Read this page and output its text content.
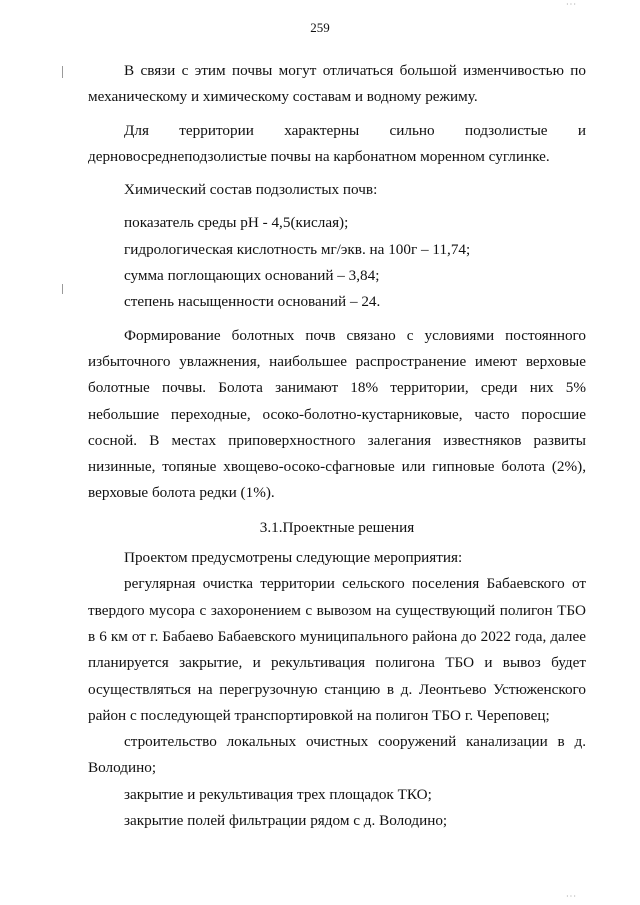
259
···
···

В связи с этим почвы могут отличаться большой изменчивостью по механическому и химическому составам и водному режиму.

Для территории характерны сильно подзолистые и

дерновосреднеподзолистые почвы на карбонатном моренном суглинке.

Химический состав подзолистых почв:

показатель среды pH - 4,5(кислая);

гидрологическая кислотность мг/экв. на 100г – 11,74;

сумма поглощающих оснований – 3,84;

степень насыщенности оснований – 24.

Формирование болотных почв связано с условиями постоянного избыточного увлажнения, наибольшее распространение имеют верховые болотные почвы. Болота занимают 18% территории, среди них 5% небольшие переходные, осоко-болотно-кустарниковые, часто поросшие сосной. В местах приповерхностного залегания известняков развиты низинные, топяные хвощево-осоко-сфагновые или гипновые болота (2%), верховые болота редки (1%).

3.1.Проектные решения

Проектом предусмотрены следующие мероприятия:

регулярная очистка территории сельского поселения Бабаевского от твердого мусора с захоронением с вывозом на существующий полигон ТБО в 6 км от г. Бабаево Бабаевского муниципального района до 2022 года, далее планируется закрытие, и рекультивация полигона ТБО и вывоз будет осуществляться на перегрузочную станцию в д. Леонтьево Устюженского район с последующей транспортировкой на полигон ТБО г. Череповец;

строительство локальных очистных сооружений канализации в д. Володино;

закрытие и рекультивация трех площадок ТКО;

закрытие полей фильтрации рядом с д. Володино;
